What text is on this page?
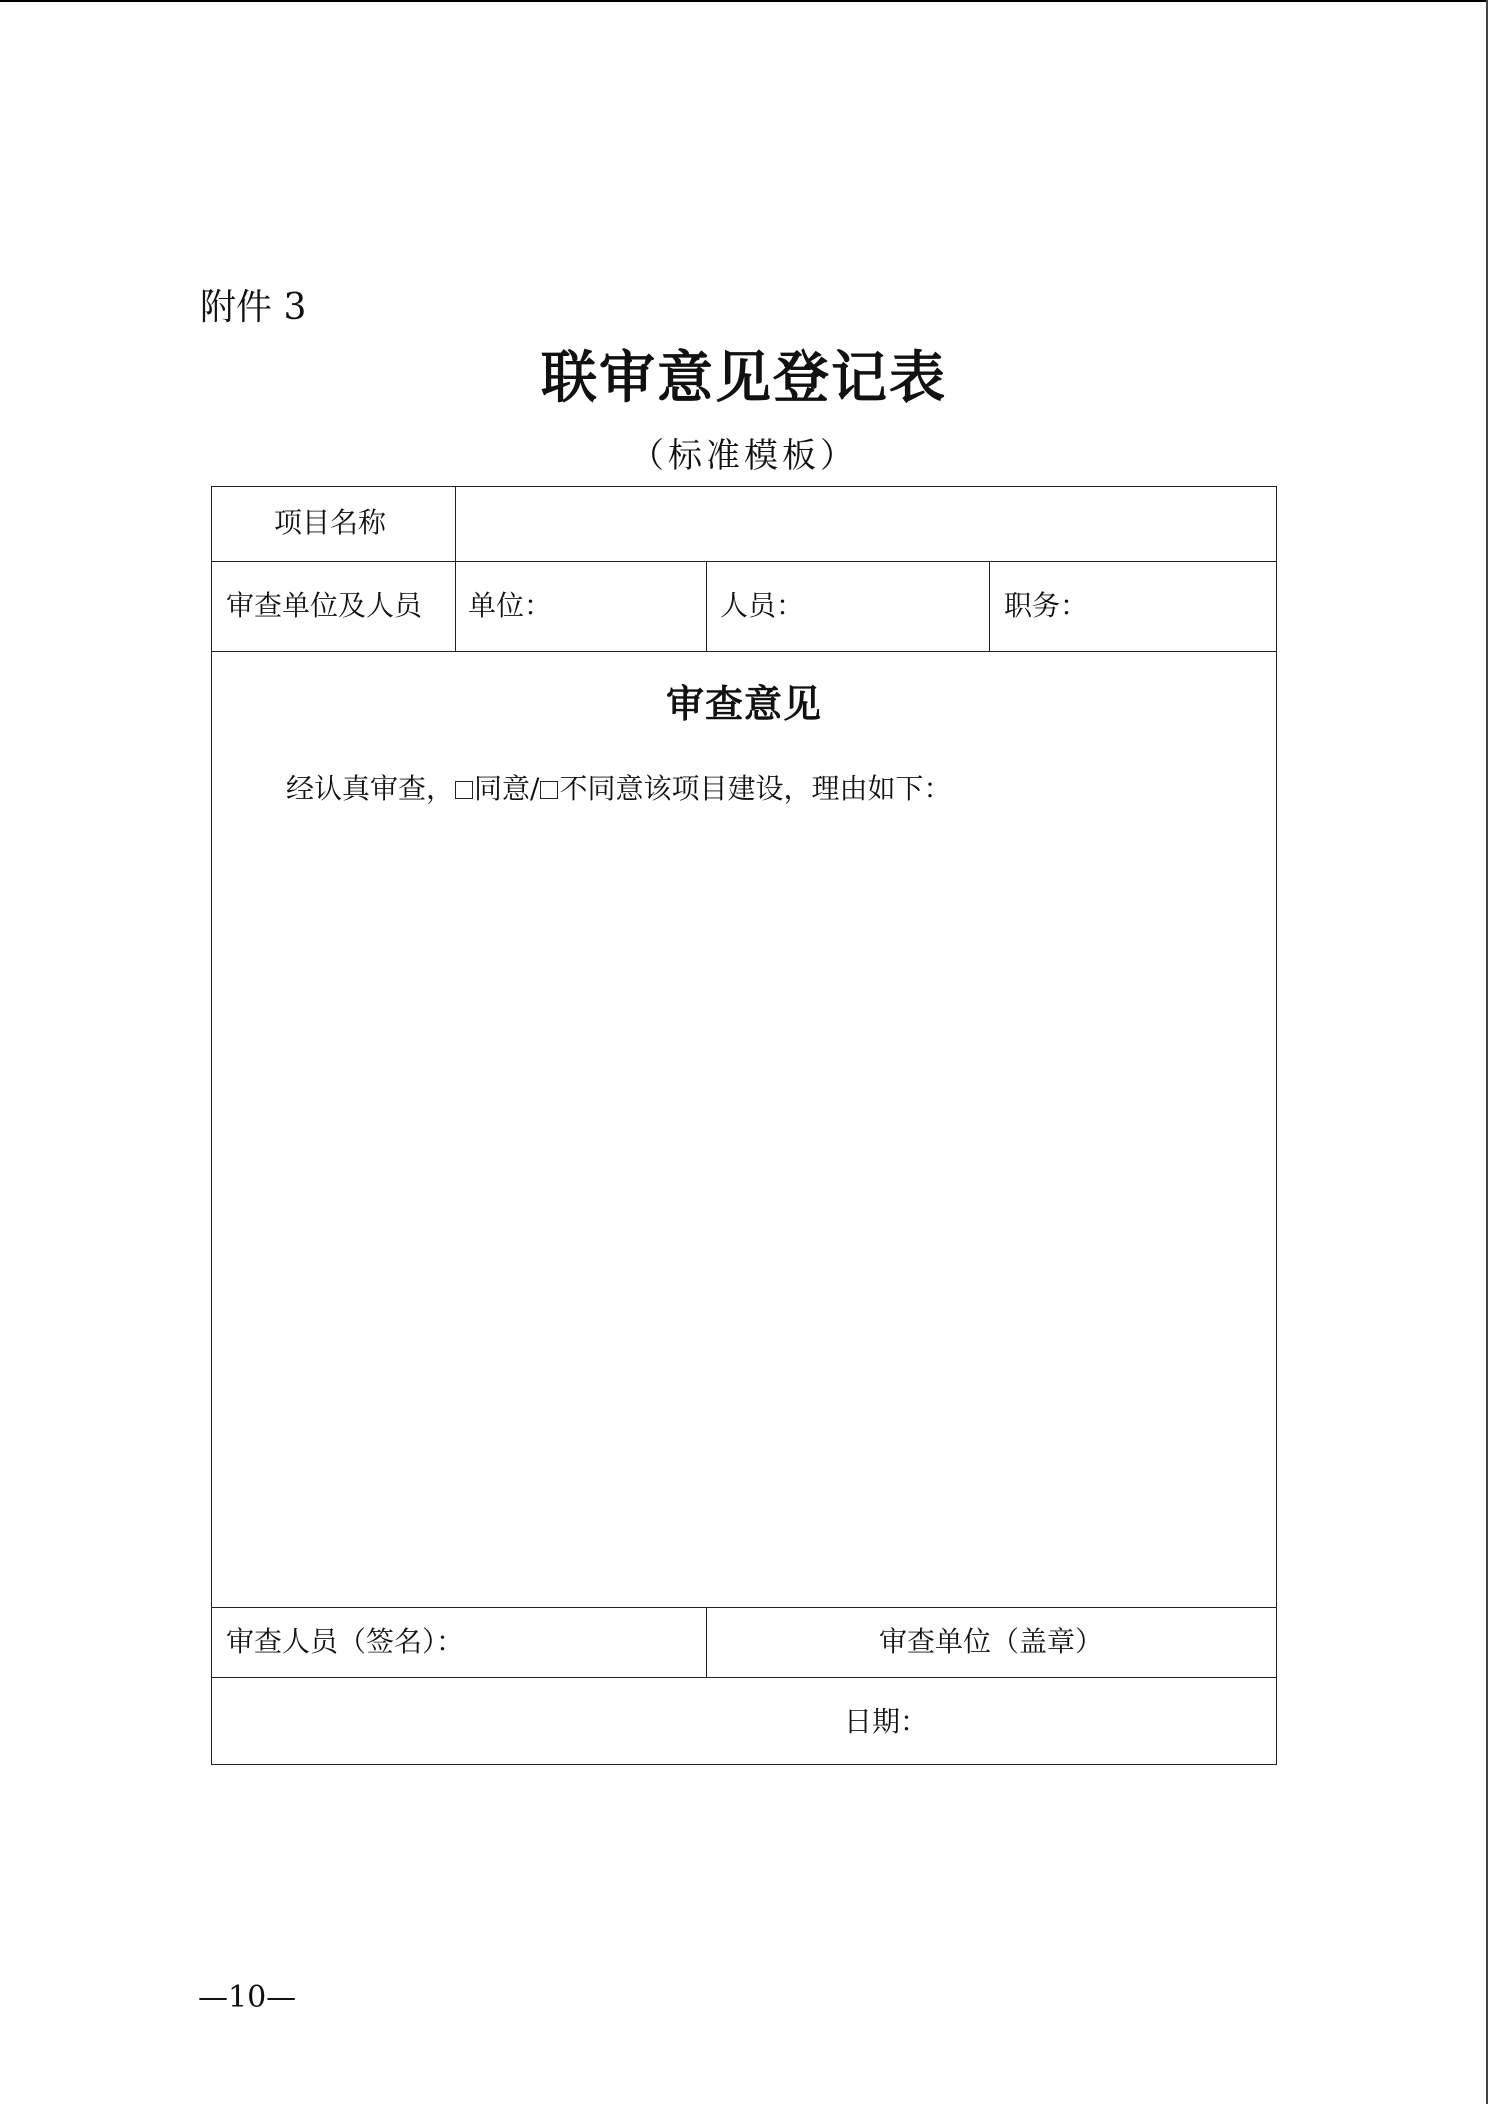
附件 3
联审意见登记表
（标准模板）
项目名称
审查单位及人员 单位：	人员：	职务：
审查意见
经认真审查， 同意/ 不同意该项目建设，理由如下：
审查人员（签名）：	审查单位（盖章）
日期：
—10—
